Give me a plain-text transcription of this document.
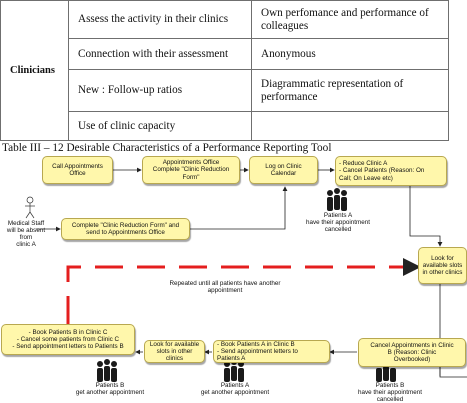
Clinicians	Assess the activity in their clinics	Own perfomance and performance of colleagues
	Connection with their assessment	Anonymous
	New : Follow-up ratios	Diagrammatic representation of performance
	Use of clinic capacity	
Table III – 12 Desirable Characteristics of a Performance Reporting Tool
Call Appointments
Office
Appointments Office
Complete "Clinic Reduction
Form"
Log on Clinic
Calendar
- Reduce Clinic A
- Cancel Patients (Reason: On
Call; On Leave etc)
Complete "Clinic Reduction Form" and
send to Appointments Office
Medical Staff
will be absent
from
clinic A
Patients A
have their appointment
cancelled
Look for available slots
in other clinics
Repeated until all patients have another
appointment
- Book Patients B in Clinic C
- Cancel some patients from Clinic C
- Send appointment letters to Patients B	Look for available
slots in other clinics
- Book Patients A in Clinic B
- Send appointment letters to
Patients A
Cancel Appointments in Clinic
B (Reason: Clinic
Overbooked)
Patients B
get another appointment
Patients A
get another appointment
Patients B
have their appointment
cancelled
